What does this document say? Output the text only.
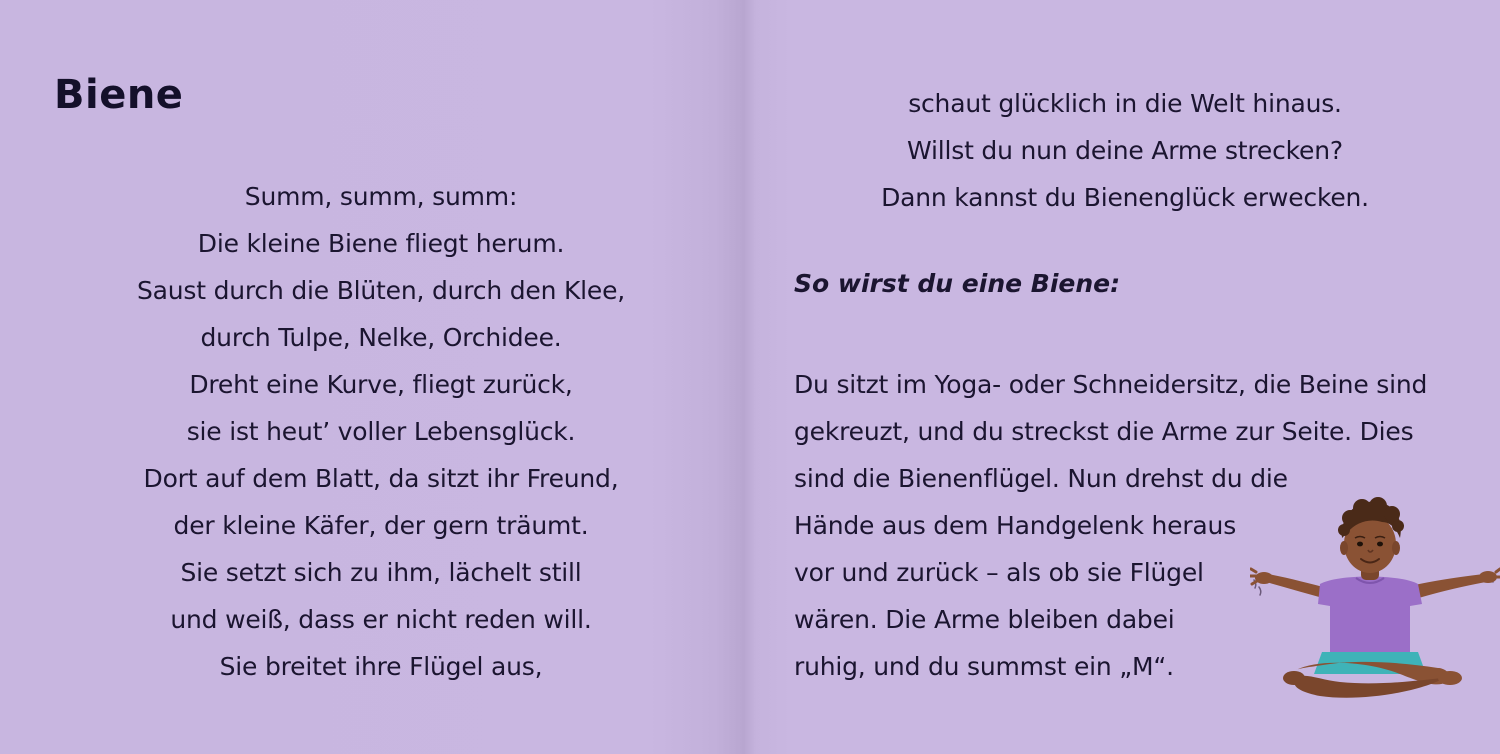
Biene
Summ, summ, summ:
Die kleine Biene fliegt herum.
Saust durch die Blüten, durch den Klee,
durch Tulpe, Nelke, Orchidee.
Dreht eine Kurve, fliegt zurück,
sie ist heut’ voller Lebensglück.
Dort auf dem Blatt, da sitzt ihr Freund,
der kleine Käfer, der gern träumt.
Sie setzt sich zu ihm, lächelt still
und weiß, dass er nicht reden will.
Sie breitet ihre Flügel aus,
schaut glücklich in die Welt hinaus.
Willst du nun deine Arme strecken?
Dann kannst du Bienenglück erwecken.
So wirst du eine Biene:
Du sitzt im Yoga- oder Schneidersitz, die Beine sind
gekreuzt, und du streckst die Arme zur Seite. Dies
sind die Bienenflügel. Nun drehst du die
Hände aus dem Handgelenk heraus
vor und zurück – als ob sie Flügel
wären. Die Arme bleiben dabei
ruhig, und du summst ein „M“.
